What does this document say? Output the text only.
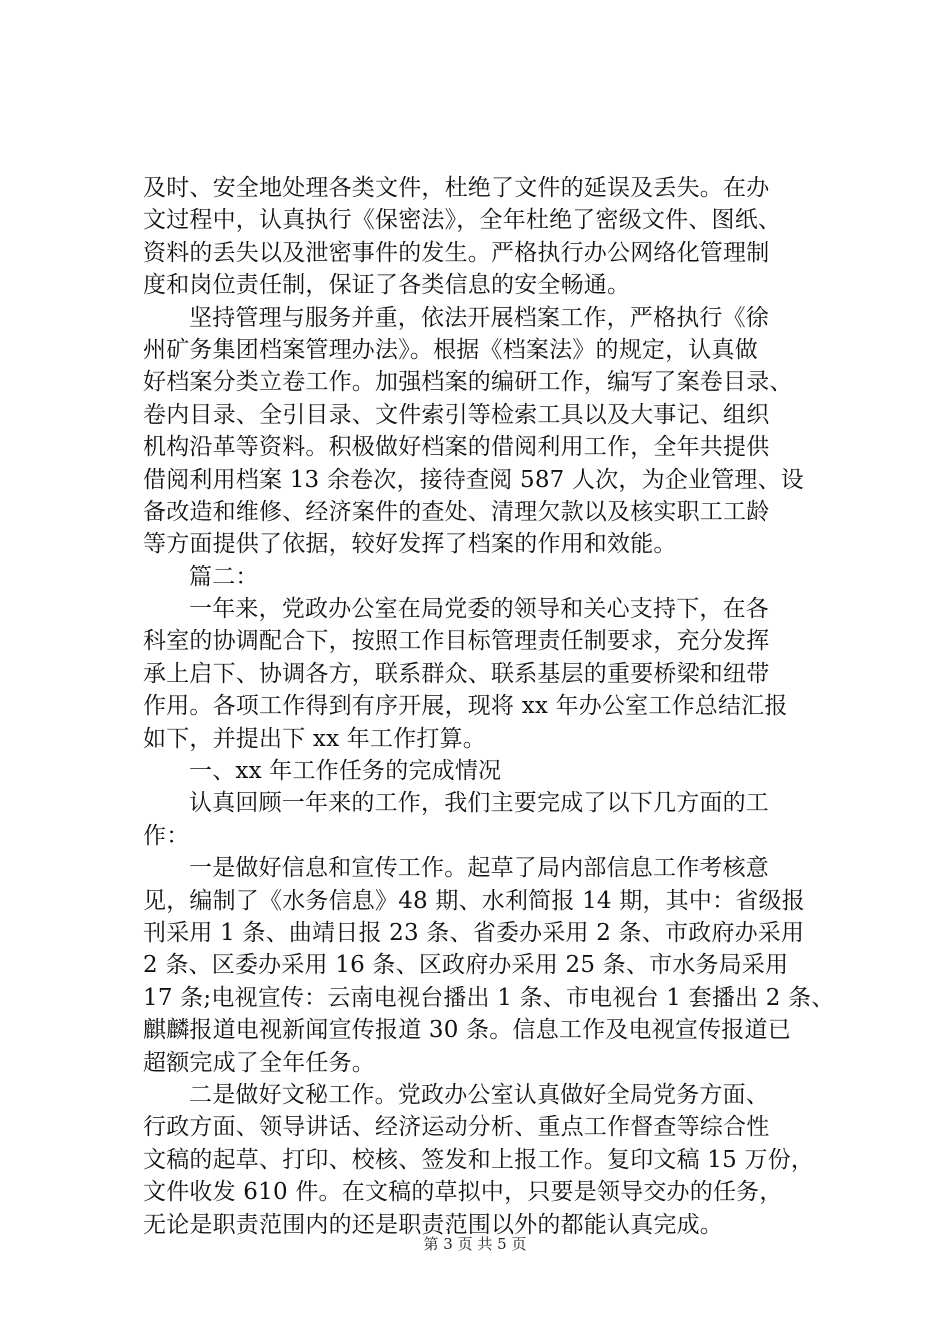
及时、安全地处理各类文件，杜绝了文件的延误及丢失。在办
文过程中，认真执行《保密法》，全年杜绝了密级文件、图纸、
资料的丢失以及泄密事件的发生。严格执行办公网络化管理制
度和岗位责任制，保证了各类信息的安全畅通。
坚持管理与服务并重，依法开展档案工作，严格执行《徐
州矿务集团档案管理办法》。根据《档案法》的规定，认真做
好档案分类立卷工作。加强档案的编研工作，编写了案卷目录、
卷内目录、全引目录、文件索引等检索工具以及大事记、组织
机构沿革等资料。积极做好档案的借阅利用工作，全年共提供
借阅利用档案 13 余卷次，接待查阅 587 人次，为企业管理、设
备改造和维修、经济案件的查处、清理欠款以及核实职工工龄
等方面提供了依据，较好发挥了档案的作用和效能。
篇二：
一年来，党政办公室在局党委的领导和关心支持下，在各
科室的协调配合下，按照工作目标管理责任制要求，充分发挥
承上启下、协调各方，联系群众、联系基层的重要桥梁和纽带
作用。各项工作得到有序开展，现将 xx 年办公室工作总结汇报
如下，并提出下 xx 年工作打算。
一、xx 年工作任务的完成情况
认真回顾一年来的工作，我们主要完成了以下几方面的工
作：
一是做好信息和宣传工作。起草了局内部信息工作考核意
见，编制了《水务信息》48 期、水利简报 14 期，其中：省级报
刊采用 1 条、曲靖日报 23 条、省委办采用 2 条、市政府办采用
2 条、区委办采用 16 条、区政府办采用 25 条、市水务局采用
17 条;电视宣传：云南电视台播出 1 条、市电视台 1 套播出 2 条、
麒麟报道电视新闻宣传报道 30 条。信息工作及电视宣传报道已
超额完成了全年任务。
二是做好文秘工作。党政办公室认真做好全局党务方面、
行政方面、领导讲话、经济运动分析、重点工作督查等综合性
文稿的起草、打印、校核、签发和上报工作。复印文稿 15 万份，
文件收发 610 件。在文稿的草拟中，只要是领导交办的任务，
无论是职责范围内的还是职责范围以外的都能认真完成。
第 3 页 共 5 页
